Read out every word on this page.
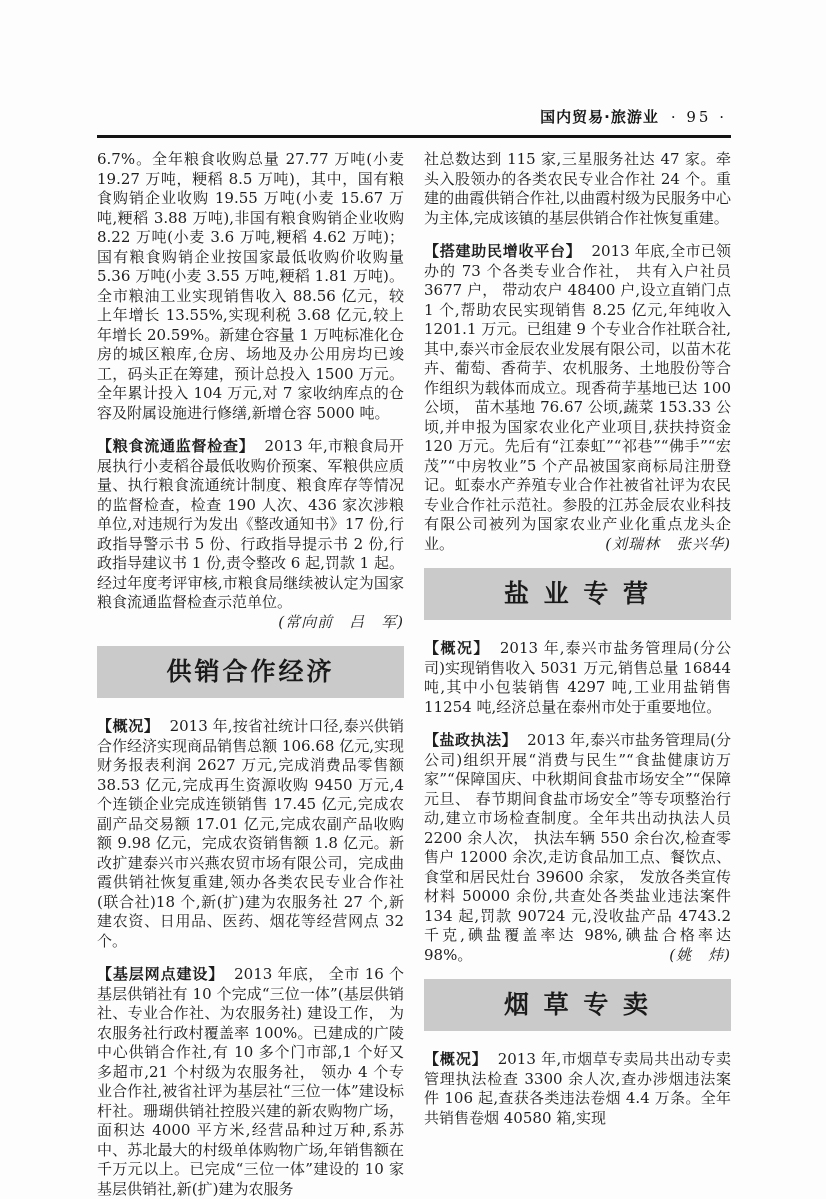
国内贸易·旅游业 · 95 ·

6.7%。全年粮食收购总量 27.77 万吨(小麦 19.27 万吨，粳稻 8.5 万吨)，其中，国有粮食购销企业收购 19.55 万吨(小麦 15.67 万吨,粳稻 3.88 万吨),非国有粮食购销企业收购 8.22 万吨(小麦 3.6 万吨,粳稻 4.62 万吨)；国有粮食购销企业按国家最低收购价收购量 5.36 万吨(小麦 3.55 万吨,粳稻 1.81 万吨)。全市粮油工业实现销售收入 88.56 亿元，较上年增长 13.55%,实现利税 3.68 亿元,较上年增长 20.59%。新建仓容量 1 万吨标准化仓房的城区粮库,仓房、场地及办公用房均已竣工，码头正在筹建，预计总投入 1500 万元。全年累计投入 104 万元,对 7 家收纳库点的仓容及附属设施进行修缮,新增仓容 5000 吨。

【粮食流通监督检查】 2013 年,市粮食局开展执行小麦稻谷最低收购价预案、军粮供应质量、执行粮食流通统计制度、粮食库存等情况的监督检查，检查 190 人次、436 家次涉粮单位,对违规行为发出《整改通知书》17 份,行政指导警示书 5 份、行政指导提示书 2 份,行政指导建议书 1 份,责令整改 6 起,罚款 1 起。经过年度考评审核,市粮食局继续被认定为国家粮食流通监督检查示范单位。
(常向前　吕　军)

供销合作经济

【概况】 2013 年,按省社统计口径,泰兴供销合作经济实现商品销售总额 106.68 亿元,实现财务报表利润 2627 万元,完成消费品零售额 38.53 亿元,完成再生资源收购 9450 万元,4 个连锁企业完成连锁销售 17.45 亿元,完成农副产品交易额 17.01 亿元,完成农副产品收购额 9.98 亿元，完成农资销售额 1.8 亿元。新改扩建泰兴市兴燕农贸市场有限公司，完成曲霞供销社恢复重建,领办各类农民专业合作社(联合社)18 个,新(扩)建为农服务社 27 个,新建农资、日用品、医药、烟花等经营网点 32 个。

【基层网点建设】 2013 年底， 全市 16 个基层供销社有 10 个完成“三位一体”(基层供销社、专业合作社、为农服务社) 建设工作， 为农服务社行政村覆盖率 100%。已建成的广陵中心供销合作社,有 10 多个门市部,1 个好又多超市,21 个村级为农服务社， 领办 4 个专业合作社,被省社评为基层社“三位一体”建设标杆社。珊瑚供销社控股兴建的新农购物广场， 面积达 4000 平方米,经营品种过万种,系苏中、苏北最大的村级单体购物广场,年销售额在千万元以上。已完成“三位一体”建设的 10 家基层供销社,新(扩)建为农服务

社总数达到 115 家,三星服务社达 47 家。牵头入股领办的各类农民专业合作社 24 个。重建的曲霞供销合作社,以曲霞村级为民服务中心为主体,完成该镇的基层供销合作社恢复重建。

【搭建助民增收平台】 2013 年底,全市已领办的 73 个各类专业合作社， 共有入户社员 3677 户， 带动农户 48400 户,设立直销门点 1 个,帮助农民实现销售 8.25 亿元,年纯收入 1201.1 万元。已组建 9 个专业合作社联合社,其中,泰兴市金辰农业发展有限公司，以苗木花卉、葡萄、香荷芋、农机服务、土地股份等合作组织为载体而成立。现香荷芋基地已达 100 公顷， 苗木基地 76.67 公顷,蔬菜 153.33 公顷,并申报为国家农业化产业项目,获扶持资金 120 万元。先后有“江泰虹”“祁巷”“佛手”“宏茂”“中房牧业”5 个产品被国家商标局注册登记。虹泰水产养殖专业合作社被省社评为农民专业合作社示范社。参股的江苏金辰农业科技有限公司被列为国家农业产业化重点龙头企业。	(刘瑞林　张兴华)

盐 业 专 营

【概况】 2013 年,泰兴市盐务管理局(分公司)实现销售收入 5031 万元,销售总量 16844 吨,其中小包装销售 4297 吨,工业用盐销售 11254 吨,经济总量在泰州市处于重要地位。

【盐政执法】 2013 年,泰兴市盐务管理局(分公司)组织开展“消费与民生”“食盐健康访万家”“保障国庆、中秋期间食盐市场安全”“保障元旦、 春节期间食盐市场安全”等专项整治行动,建立市场检查制度。全年共出动执法人员 2200 余人次， 执法车辆 550 余台次,检查零售户 12000 余次,走访食品加工点、餐饮点、食堂和居民灶台 39600 余家， 发放各类宣传材料 50000 余份,共查处各类盐业违法案件 134 起,罚款 90724 元,没收盐产品 4743.2 千克,碘盐覆盖率达 98%,碘盐合格率达 98%。	(姚　炜)

烟 草 专 卖

【概况】 2013 年,市烟草专卖局共出动专卖管理执法检查 3300 余人次,查办涉烟违法案件 106 起,查获各类违法卷烟 4.4 万条。全年共销售卷烟 40580 箱,实现
